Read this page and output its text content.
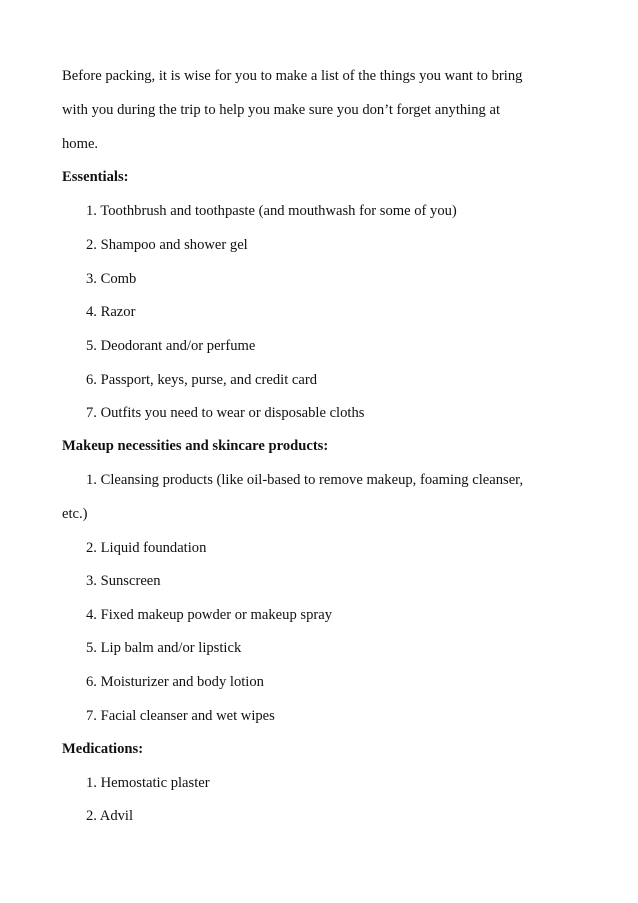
Before packing, it is wise for you to make a list of the things you want to bring
with you during the trip to help you make sure you don’t forget anything at
home.
Essentials:
1. Toothbrush and toothpaste (and mouthwash for some of you)
2. Shampoo and shower gel
3. Comb
4. Razor
5. Deodorant and/or perfume
6. Passport, keys, purse, and credit card
7. Outfits you need to wear or disposable cloths
Makeup necessities and skincare products:
1. Cleansing products (like oil-based to remove makeup, foaming cleanser,
etc.)
2. Liquid foundation
3. Sunscreen
4. Fixed makeup powder or makeup spray
5. Lip balm and/or lipstick
6. Moisturizer and body lotion
7. Facial cleanser and wet wipes
Medications:
1. Hemostatic plaster
2. Advil
